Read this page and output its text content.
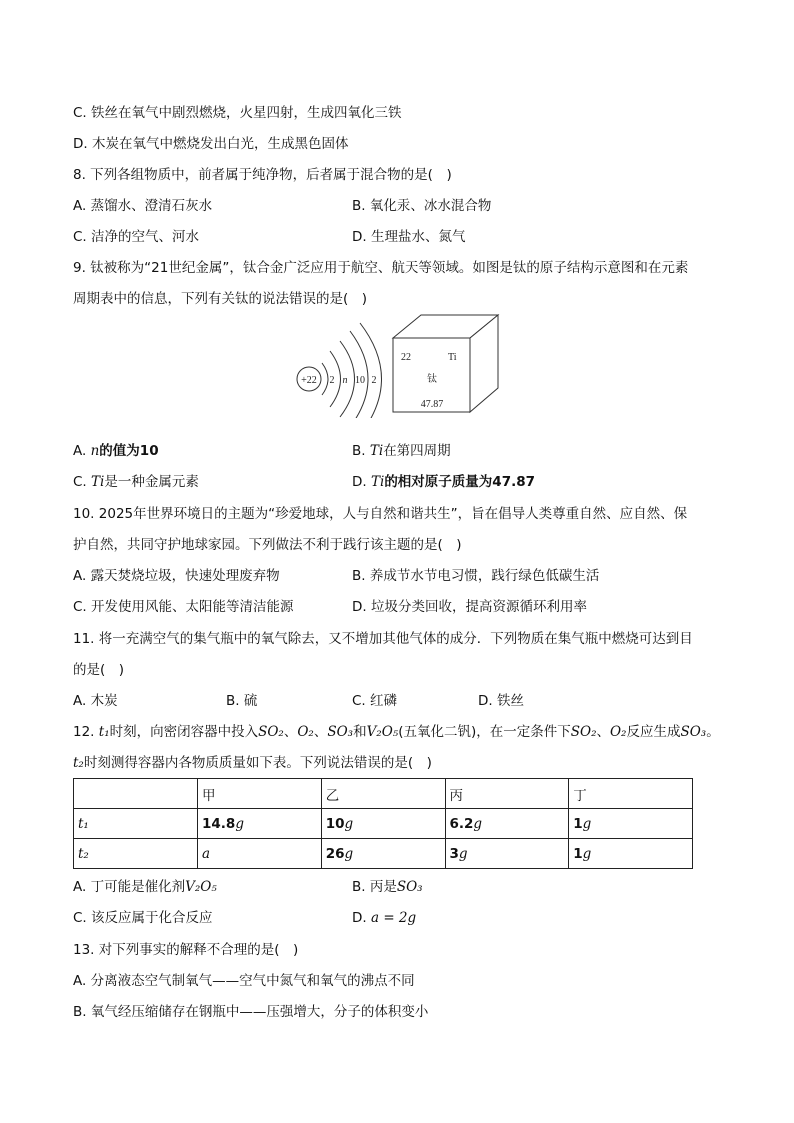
C. 铁丝在氧气中剧烈燃烧，火星四射，生成四氧化三铁
D. 木炭在氧气中燃烧发出白光，生成黑色固体
8. 下列各组物质中，前者属于纯净物，后者属于混合物的是(　)
A. 蒸馏水、澄清石灰水	B. 氧化汞、冰水混合物
C. 洁净的空气、河水	D. 生理盐水、氮气
9. 钛被称为“21世纪金属”，钛合金广泛应用于航空、航天等领域。如图是钛的原子结构示意图和在元素
周期表中的信息，下列有关钛的说法错误的是(　)
+22 2 n 10 2
22	Ti
钛
47.87
A. n的值为10	B. Ti在第四周期
C. Ti是一种金属元素	D. Ti的相对原子质量为47.87
10. 2025年世界环境日的主题为“珍爱地球，人与自然和谐共生”，旨在倡导人类尊重自然、应自然、保
护自然，共同守护地球家园。下列做法不利于践行该主题的是(　)
A. 露天焚烧垃圾，快速处理废弃物	B. 养成节水节电习惯，践行绿色低碳生活
C. 开发使用风能、太阳能等清洁能源	D. 垃圾分类回收，提高资源循环利用率
11. 将一充满空气的集气瓶中的氧气除去，又不增加其他气体的成分．下列物质在集气瓶中燃烧可达到目
的是(　)
A. 木炭	B. 硫	C. 红磷	D. 铁丝
12. t₁时刻，向密闭容器中投入SO₂、O₂、SO₃和V₂O₅(五氧化二钒)，在一定条件下SO₂、O₂反应生成SO₃。
t₂时刻测得容器内各物质质量如下表。下列说法错误的是(　)
	甲	乙	丙	丁
t₁	14.8g	10g	6.2g	1g
t₂	a	26g	3g	1g
A. 丁可能是催化剂V₂O₅	B. 丙是SO₃
C. 该反应属于化合反应	D. a = 2g
13. 对下列事实的解释不合理的是(　)
A. 分离液态空气制氧气——空气中氮气和氧气的沸点不同
B. 氧气经压缩储存在钢瓶中——压强增大，分子的体积变小
